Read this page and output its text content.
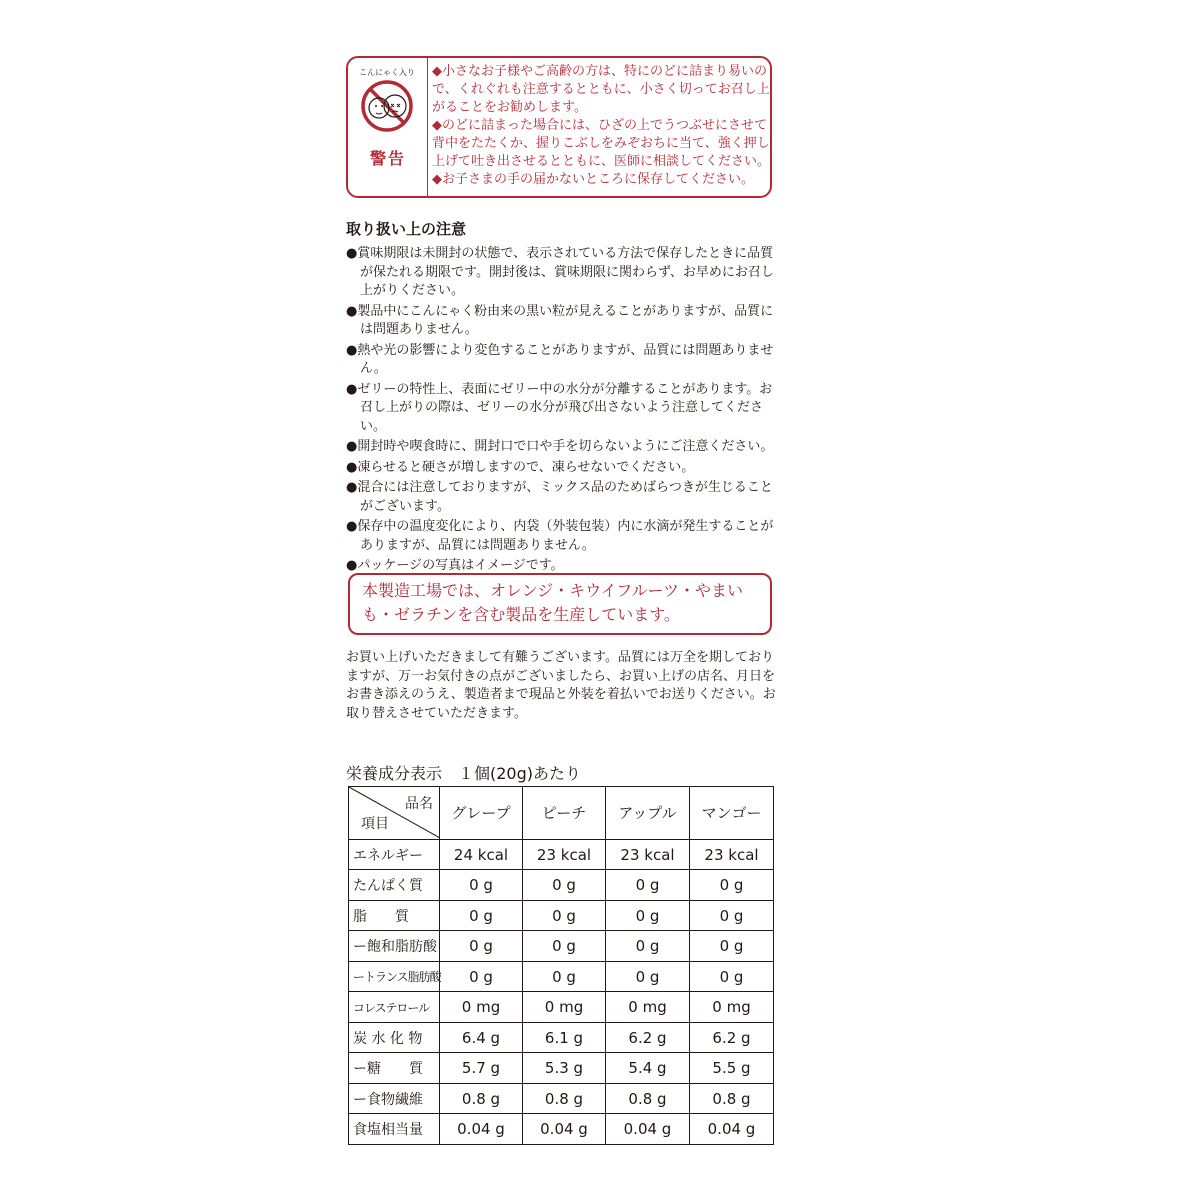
こんにゃく入り
警告

◆小さなお子様やご高齢の方は、特にのどに詰まり易いので、くれぐれも注意するとともに、小さく切ってお召し上がることをお勧めします。

◆のどに詰まった場合には、ひざの上でうつぶせにさせて背中をたたくか、握りこぶしをみぞおちに当て、強く押し上げて吐き出させるとともに、医師に相談してください。

◆お子さまの手の届かないところに保存してください。

取り扱い上の注意

●賞味期限は未開封の状態で、表示されている方法で保存したときに品質が保たれる期限です。開封後は、賞味期限に関わらず、お早めにお召し上がりください。

●製品中にこんにゃく粉由来の黒い粒が見えることがありますが、品質には問題ありません。

●熱や光の影響により変色することがありますが、品質には問題ありません。

●ゼリーの特性上、表面にゼリー中の水分が分離することがあります。お召し上がりの際は、ゼリーの水分が飛び出さないよう注意してください。

●開封時や喫食時に、開封口で口や手を切らないようにご注意ください。

●凍らせると硬さが増しますので、凍らせないでください。

●混合には注意しておりますが、ミックス品のためばらつきが生じることがございます。

●保存中の温度変化により、内袋（外装包装）内に水滴が発生することがありますが、品質には問題ありません。

●パッケージの写真はイメージです。

本製造工場では、オレンジ・キウイフルーツ・やまいも・ゼラチンを含む製品を生産しています。

お買い上げいただきまして有難うございます。品質には万全を期しておりますが、万一お気付きの点がございましたら、お買い上げの店名、月日をお書き添えのうえ、製造者まで現品と外装を着払いでお送りください。お取り替えさせていただきます。

栄養成分表示　１個(20g)あたり
品名
項目	グレープ	ピーチ	アップル	マンゴー
エネルギー	24 kcal	23 kcal	23 kcal	23 kcal
たんぱく質	0 g	0 g	0 g	0 g
脂　　質	0 g	0 g	0 g	0 g
ー飽和脂肪酸	0 g	0 g	0 g	0 g
ートランス脂肪酸	0 g	0 g	0 g	0 g
コレステロール	0 mg	0 mg	0 mg	0 mg
炭 水 化 物	6.4 g	6.1 g	6.2 g	6.2 g
ー糖　　質	5.7 g	5.3 g	5.4 g	5.5 g
ー食物繊維	0.8 g	0.8 g	0.8 g	0.8 g
食塩相当量	0.04 g	0.04 g	0.04 g	0.04 g
